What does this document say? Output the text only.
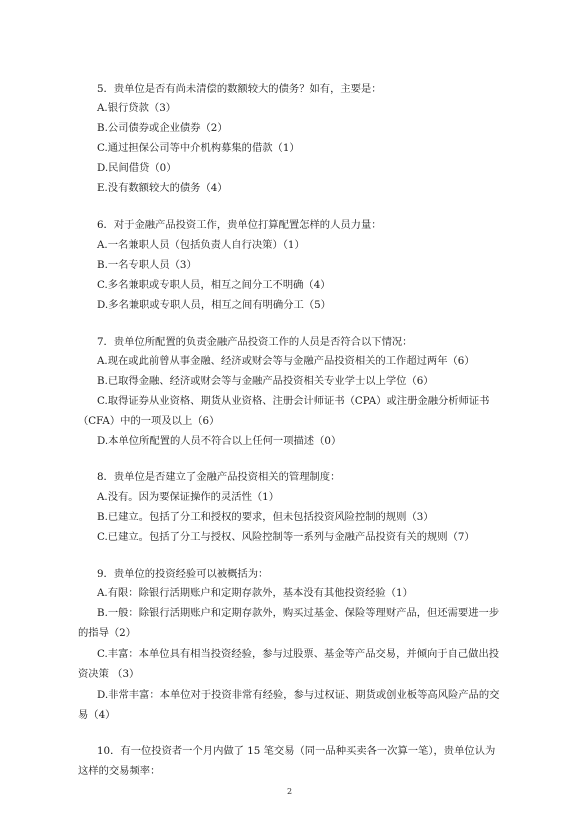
5．贵单位是否有尚未清偿的数额较大的债务？如有，主要是：
A.银行贷款（3）
B.公司债券或企业债券（2）
C.通过担保公司等中介机构募集的借款（1）
D.民间借贷（0）
E.没有数额较大的债务（4）
6．对于金融产品投资工作，贵单位打算配置怎样的人员力量：
A.一名兼职人员（包括负责人自行决策）（1）
B.一名专职人员（3）
C.多名兼职或专职人员，相互之间分工不明确（4）
D.多名兼职或专职人员，相互之间有明确分工（5）
7．贵单位所配置的负责金融产品投资工作的人员是否符合以下情况：
A.现在或此前曾从事金融、经济或财会等与金融产品投资相关的工作超过两年（6）
B.已取得金融、经济或财会等与金融产品投资相关专业学士以上学位（6）
C.取得证券从业资格、期货从业资格、注册会计师证书（CPA）或注册金融分析师证书
（CFA）中的一项及以上（6）
D.本单位所配置的人员不符合以上任何一项描述（0）
8．贵单位是否建立了金融产品投资相关的管理制度：
A.没有。因为要保证操作的灵活性（1）
B.已建立。包括了分工和授权的要求，但未包括投资风险控制的规则（3）
C.已建立。包括了分工与授权、风险控制等一系列与金融产品投资有关的规则（7）
9．贵单位的投资经验可以被概括为：
A.有限：除银行活期账户和定期存款外，基本没有其他投资经验（1）
B.一般：除银行活期账户和定期存款外，购买过基金、保险等理财产品，但还需要进一步
的指导（2）
C.丰富：本单位具有相当投资经验，参与过股票、基金等产品交易，并倾向于自己做出投
资决策 （3）
D.非常丰富：本单位对于投资非常有经验，参与过权证、期货或创业板等高风险产品的交
易（4）
10．有一位投资者一个月内做了 15 笔交易（同一品种买卖各一次算一笔），贵单位认为
这样的交易频率：
2
